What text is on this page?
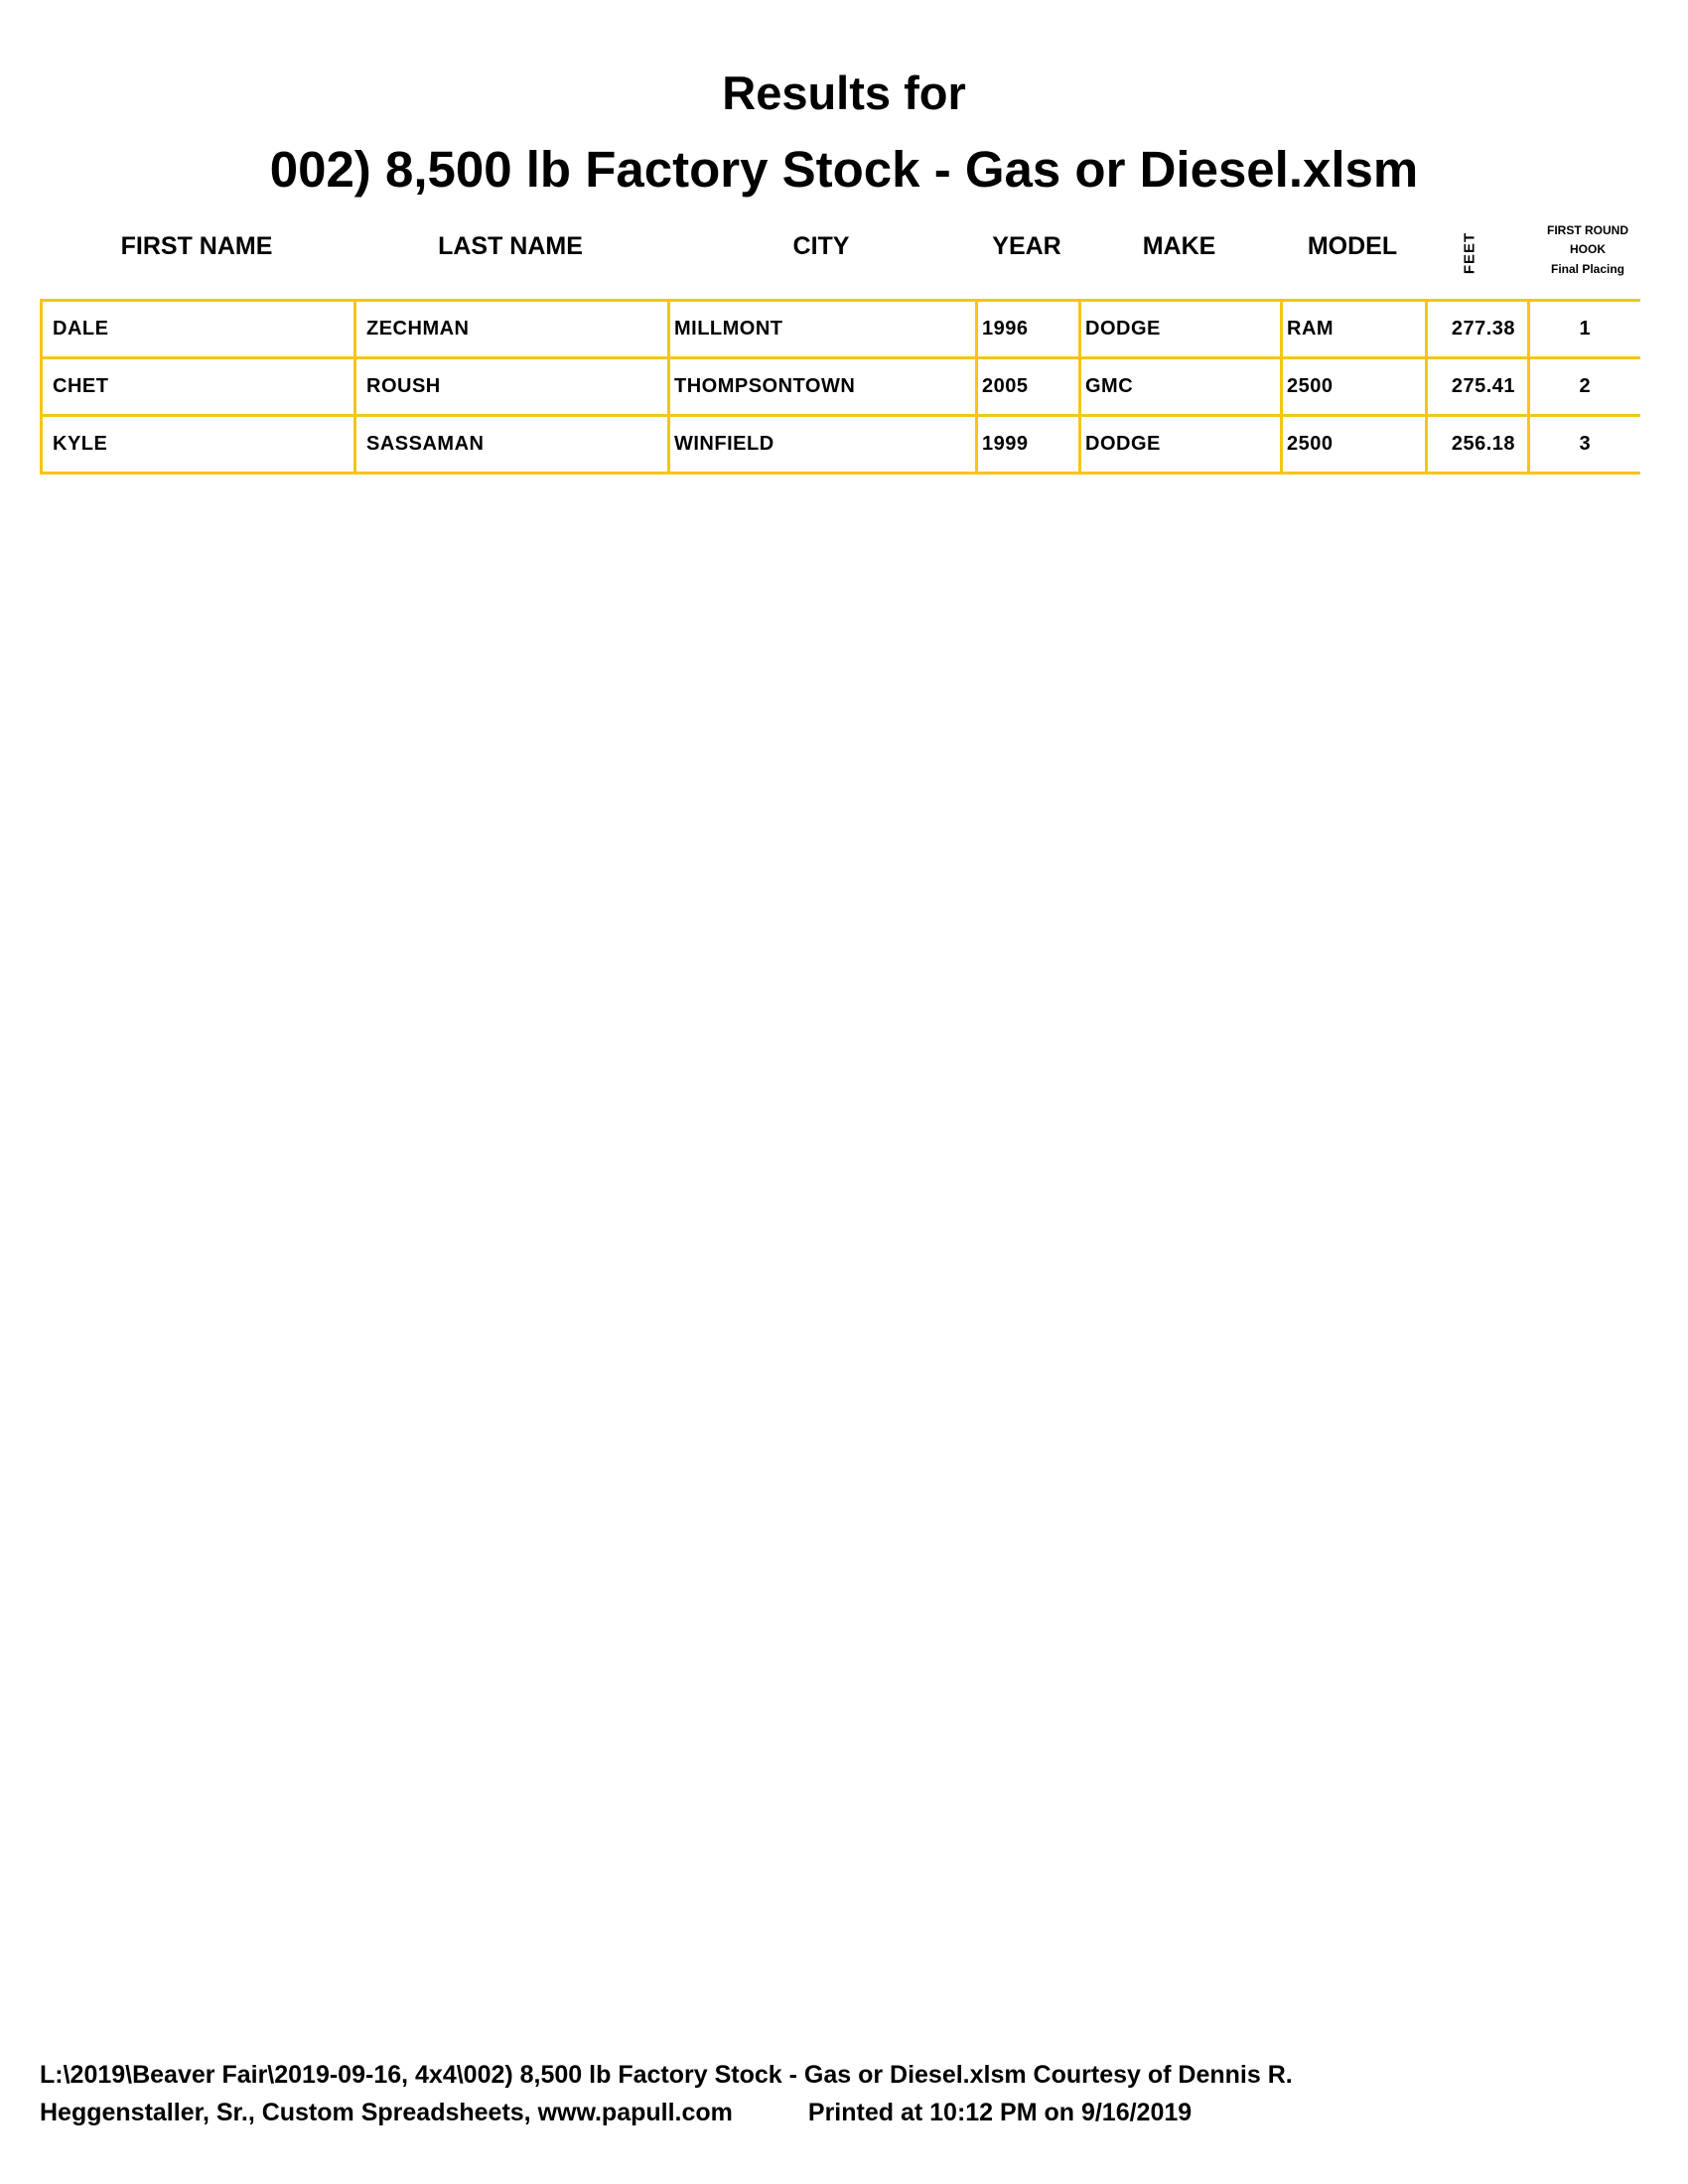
Results for
002) 8,500 lb Factory Stock - Gas or Diesel.xlsm
FIRST NAME	LAST NAME	CITY	YEAR	MAKE	MODEL	FEET
FIRST ROUND
HOOK
Final Placing
DALE	ZECHMAN	MILLMONT	1996	DODGE	RAM	277.38	1
CHET	ROUSH	THOMPSONTOWN	2005	GMC	2500	275.41	2
KYLE	SASSAMAN	WINFIELD	1999	DODGE	2500	256.18	3
L:\2019\Beaver Fair\2019-09-16, 4x4\002) 8,500 lb Factory Stock - Gas or Diesel.xlsm Courtesy of Dennis R.
Heggenstaller, Sr., Custom Spreadsheets, www.papull.com	Printed at 10:12 PM on 9/16/2019
